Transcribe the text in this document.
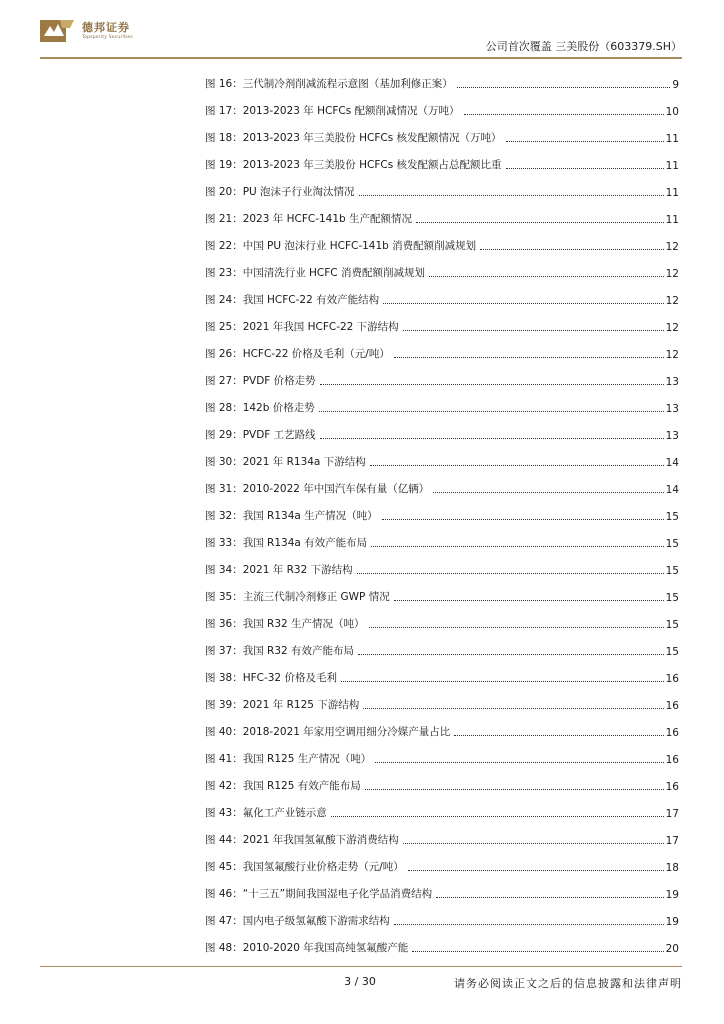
德邦证券
Topsperity Securities
公司首次覆盖 三美股份（603379.SH）
图 16：三代制冷剂削减流程示意图（基加利修正案）	9
图 17：2013-2023 年 HCFCs 配额削减情况（万吨）	10
图 18：2013-2023 年三美股份 HCFCs 核发配额情况（万吨）	11
图 19：2013-2023 年三美股份 HCFCs 核发配额占总配额比重	11
图 20：PU 泡沫子行业淘汰情况	11
图 21：2023 年 HCFC-141b 生产配额情况	11
图 22：中国 PU 泡沫行业 HCFC-141b 消费配额削减规划	12
图 23：中国清洗行业 HCFC 消费配额削减规划	12
图 24：我国 HCFC-22 有效产能结构	12
图 25：2021 年我国 HCFC-22 下游结构	12
图 26：HCFC-22 价格及毛利（元/吨）	12
图 27：PVDF 价格走势	13
图 28：142b 价格走势	13
图 29：PVDF 工艺路线	13
图 30：2021 年 R134a 下游结构	14
图 31：2010-2022 年中国汽车保有量（亿辆）	14
图 32：我国 R134a 生产情况（吨）	15
图 33：我国 R134a 有效产能布局	15
图 34：2021 年 R32 下游结构	15
图 35：主流三代制冷剂修正 GWP 情况	15
图 36：我国 R32 生产情况（吨）	15
图 37：我国 R32 有效产能布局	15
图 38：HFC-32 价格及毛利	16
图 39：2021 年 R125 下游结构	16
图 40：2018-2021 年家用空调用细分冷媒产量占比	16
图 41：我国 R125 生产情况（吨）	16
图 42：我国 R125 有效产能布局	16
图 43：氟化工产业链示意	17
图 44：2021 年我国氢氟酸下游消费结构	17
图 45：我国氢氟酸行业价格走势（元/吨）	18
图 46：“十三五”期间我国湿电子化学品消费结构	19
图 47：国内电子级氢氟酸下游需求结构	19
图 48：2010-2020 年我国高纯氢氟酸产能	20
3 / 30	请务必阅读正文之后的信息披露和法律声明
